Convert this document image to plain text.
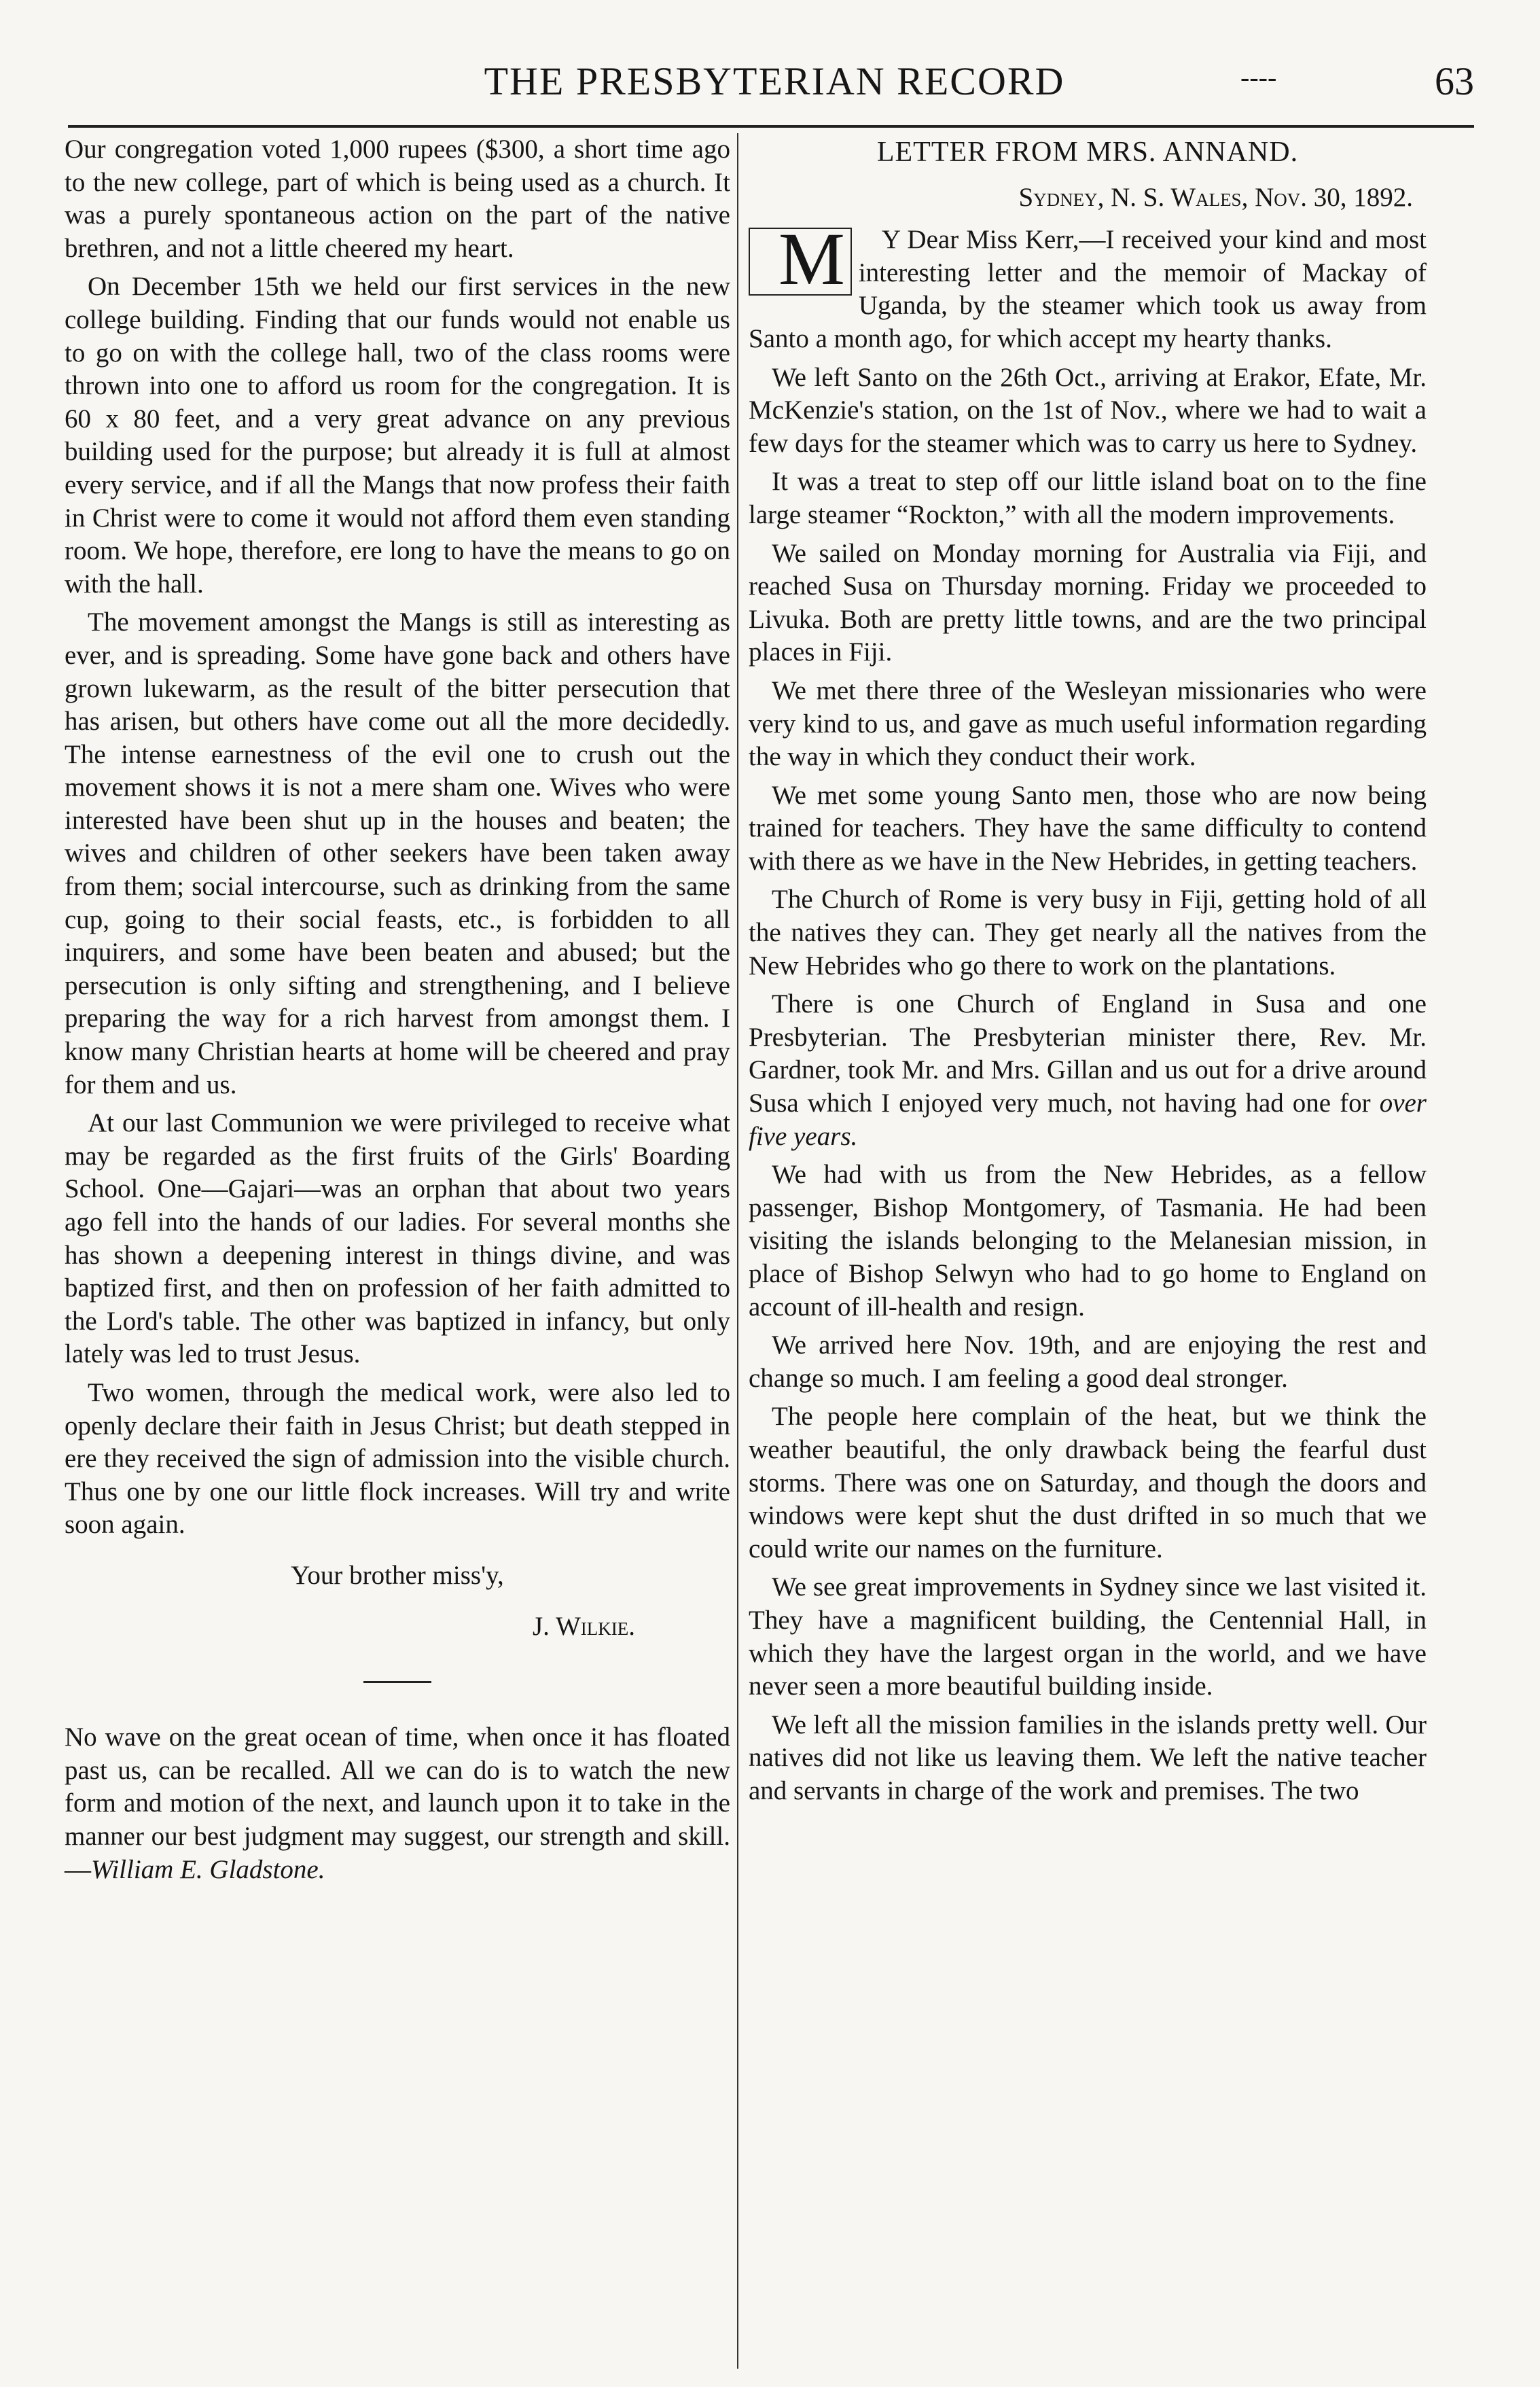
THE PRESBYTERIAN RECORD	----	63

Our congregation voted 1,000 rupees ($300, a short time ago to the new college, part of which is being used as a church. It was a purely spontaneous action on the part of the native brethren, and not a little cheered my heart.

On December 15th we held our first services in the new college building. Finding that our funds would not enable us to go on with the college hall, two of the class rooms were thrown into one to afford us room for the congregation. It is 60 x 80 feet, and a very great advance on any previous building used for the purpose; but already it is full at almost every service, and if all the Mangs that now profess their faith in Christ were to come it would not afford them even standing room. We hope, therefore, ere long to have the means to go on with the hall.

The movement amongst the Mangs is still as interesting as ever, and is spreading. Some have gone back and others have grown lukewarm, as the result of the bitter persecution that has arisen, but others have come out all the more decidedly. The intense earnestness of the evil one to crush out the movement shows it is not a mere sham one. Wives who were interested have been shut up in the houses and beaten; the wives and children of other seekers have been taken away from them; social intercourse, such as drinking from the same cup, going to their social feasts, etc., is forbidden to all inquirers, and some have been beaten and abused; but the persecution is only sifting and strengthening, and I believe preparing the way for a rich harvest from amongst them. I know many Christian hearts at home will be cheered and pray for them and us.

At our last Communion we were privileged to receive what may be regarded as the first fruits of the Girls' Boarding School. One—Gajari—was an orphan that about two years ago fell into the hands of our ladies. For several months she has shown a deepening interest in things divine, and was baptized first, and then on profession of her faith admitted to the Lord's table. The other was baptized in infancy, but only lately was led to trust Jesus.

Two women, through the medical work, were also led to openly declare their faith in Jesus Christ; but death stepped in ere they received the sign of admission into the visible church. Thus one by one our little flock increases. Will try and write soon again.

Your brother miss'y,

J. Wilkie.

No wave on the great ocean of time, when once it has floated past us, can be recalled. All we can do is to watch the new form and motion of the next, and launch upon it to take in the manner our best judgment may suggest, our strength and skill.—William E. Gladstone.

LETTER FROM MRS. ANNAND.
Sydney, N. S. Wales, Nov. 30, 1892.

M Y Dear Miss Kerr,—I received your kind and most interesting letter and the memoir of Mackay of Uganda, by the steamer which took us away from Santo a month ago, for which accept my hearty thanks.

We left Santo on the 26th Oct., arriving at Erakor, Efate, Mr. McKenzie's station, on the 1st of Nov., where we had to wait a few days for the steamer which was to carry us here to Sydney.

It was a treat to step off our little island boat on to the fine large steamer “Rockton,” with all the modern improvements.

We sailed on Monday morning for Australia via Fiji, and reached Susa on Thursday morning. Friday we proceeded to Livuka. Both are pretty little towns, and are the two principal places in Fiji.

We met there three of the Wesleyan missionaries who were very kind to us, and gave as much useful information regarding the way in which they conduct their work.

We met some young Santo men, those who are now being trained for teachers. They have the same difficulty to contend with there as we have in the New Hebrides, in getting teachers.

The Church of Rome is very busy in Fiji, getting hold of all the natives they can. They get nearly all the natives from the New Hebrides who go there to work on the plantations.

There is one Church of England in Susa and one Presbyterian. The Presbyterian minister there, Rev. Mr. Gardner, took Mr. and Mrs. Gillan and us out for a drive around Susa which I enjoyed very much, not having had one for over five years.

We had with us from the New Hebrides, as a fellow passenger, Bishop Montgomery, of Tasmania. He had been visiting the islands belonging to the Melanesian mission, in place of Bishop Selwyn who had to go home to England on account of ill-health and resign.

We arrived here Nov. 19th, and are enjoying the rest and change so much. I am feeling a good deal stronger.

The people here complain of the heat, but we think the weather beautiful, the only drawback being the fearful dust storms. There was one on Saturday, and though the doors and windows were kept shut the dust drifted in so much that we could write our names on the furniture.

We see great improvements in Sydney since we last visited it. They have a magnificent building, the Centennial Hall, in which they have the largest organ in the world, and we have never seen a more beautiful building inside.

We left all the mission families in the islands pretty well. Our natives did not like us leaving them. We left the native teacher and servants in charge of the work and premises. The two
